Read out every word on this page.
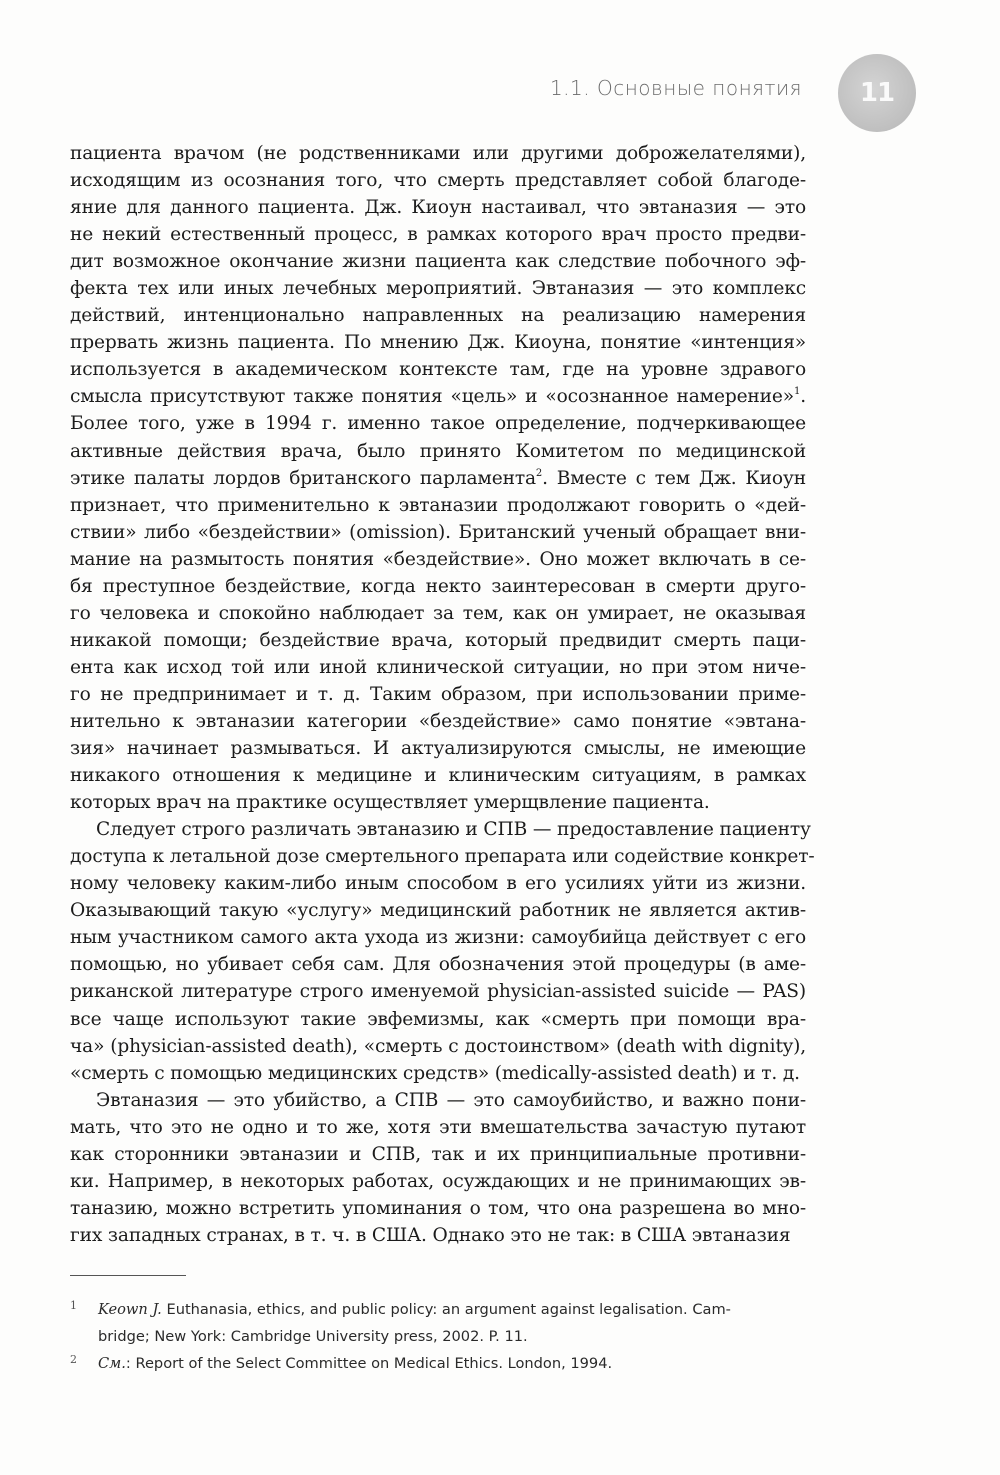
1.1. Основные понятия 11
пациента врачом (не родственниками или другими доброжелателями),
исходящим из осознания того, что смерть представляет собой благоде-
яние для данного пациента. Дж. Киоун настаивал, что эвтаназия — это
не некий естественный процесс, в рамках которого врач просто предви-
дит возможное окончание жизни пациента как следствие побочного эф-
фекта тех или иных лечебных мероприятий. Эвтаназия — это комплекс
действий, интенционально направленных на реализацию намерения
прервать жизнь пациента. По мнению Дж. Киоуна, понятие «интенция»
используется в академическом контексте там, где на уровне здравого
смысла присутствуют также понятия «цель» и «осознанное намерение»$^1$.
Более того, уже в 1994 г. именно такое определение, подчеркивающее
активные действия врача, было принято Комитетом по медицинской
этике палаты лордов британского парламента$^2$. Вместе с тем Дж. Киоун
признает, что применительно к эвтаназии продолжают говорить о «дей-
ствии» либо «бездействии» (omission). Британский ученый обращает вни-
мание на размытость понятия «бездействие». Оно может включать в се-
бя преступное бездействие, когда некто заинтересован в смерти друго-
го человека и спокойно наблюдает за тем, как он умирает, не оказывая
никакой помощи; бездействие врача, который предвидит смерть паци-
ента как исход той или иной клинической ситуации, но при этом ниче-
го не предпринимает и т. д. Таким образом, при использовании приме-
нительно к эвтаназии категории «бездействие» само понятие «эвтана-
зия» начинает размываться. И актуализируются смыслы, не имеющие
никакого отношения к медицине и клиническим ситуациям, в рамках
которых врач на практике осуществляет умерщвление пациента.
Следует строго различать эвтаназию и СПВ — предоставление пациенту
доступа к летальной дозе смертельного препарата или содействие конкрет-
ному человеку каким-либо иным способом в его усилиях уйти из жизни.
Оказывающий такую «услугу» медицинский работник не является актив-
ным участником самого акта ухода из жизни: самоубийца действует с его
помощью, но убивает себя сам. Для обозначения этой процедуры (в аме-
риканской литературе строго именуемой physician-assisted suicide — PAS)
все чаще используют такие эвфемизмы, как «смерть при помощи вра-
ча» (physician-assisted death), «смерть с достоинством» (death with dignity),
«смерть с помощью медицинских средств» (medically-assisted death) и т. д.
Эвтаназия — это убийство, а СПВ — это самоубийство, и важно пони-
мать, что это не одно и то же, хотя эти вмешательства зачастую путают
как сторонники эвтаназии и СПВ, так и их принципиальные противни-
ки. Например, в некоторых работах, осуждающих и не принимающих эв-
таназию, можно встретить упоминания о том, что она разрешена во мно-
гих западных странах, в т. ч. в США. Однако это не так: в США эвтаназия
1 Keown J. Euthanasia, ethics, and public policy: an argument against legalisation. Cam-
bridge; New York: Cambridge University press, 2002. P. 11.
2 См.: Report of the Select Committee on Medical Ethics. London, 1994.
